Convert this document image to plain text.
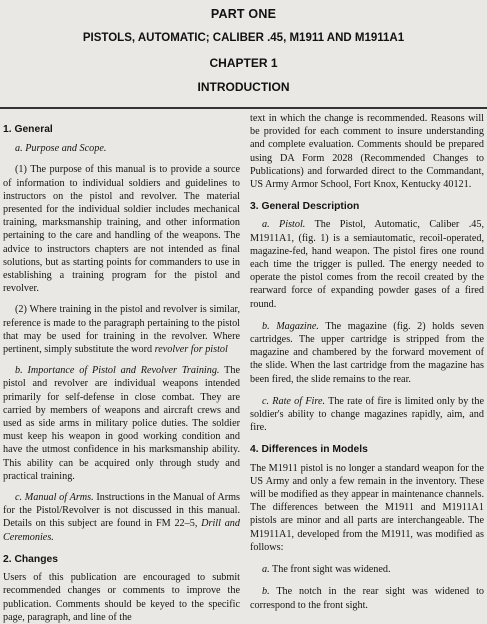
PART ONE
PISTOLS, AUTOMATIC; CALIBER .45, M1911 AND M1911A1
CHAPTER 1
INTRODUCTION
1. General

a. Purpose and Scope.

(1) The purpose of this manual is to provide a source of information to individual soldiers and guidelines to instructors on the pistol and revolver. The material presented for the individual soldier includes mechanical training, marksmanship training, and other information pertaining to the care and handling of the weapons. The advice to instructors chapters are not intended as final solutions, but as starting points for commanders to use in establishing a training program for the pistol and revolver.

(2) Where training in the pistol and revolver is similar, reference is made to the paragraph pertaining to the pistol that may be used for training in the revolver. Where pertinent, simply substitute the word revolver for pistol

b. Importance of Pistol and Revolver Training. The pistol and revolver are individual weapons intended primarily for self-defense in close combat. They are carried by members of weapons and aircraft crews and used as side arms in military police duties. The soldier must keep his weapon in good working condition and have the utmost confidence in his marksmanship ability. This ability can be acquired only through study and practical training.

c. Manual of Arms. Instructions in the Manual of Arms for the Pistol/Revolver is not discussed in this manual. Details on this subject are found in FM 22–5, Drill and Ceremonies.

2. Changes

Users of this publication are encouraged to submit recommended changes or comments to improve the publication. Comments should be keyed to the specific page, paragraph, and line of the

text in which the change is recommended. Reasons will be provided for each comment to insure understanding and complete evaluation. Comments should be prepared using DA Form 2028 (Recommended Changes to Publications) and forwarded direct to the Commandant, US Army Armor School, Fort Knox, Kentucky 40121.

3. General Description

a. Pistol. The Pistol, Automatic, Caliber .45, M1911A1, (fig. 1) is a semiautomatic, recoil-operated, magazine-fed, hand weapon. The pistol fires one round each time the trigger is pulled. The energy needed to operate the pistol comes from the recoil created by the rearward force of expanding powder gases of a fired round.

b. Magazine. The magazine (fig. 2) holds seven cartridges. The upper cartridge is stripped from the magazine and chambered by the forward movement of the slide. When the last cartridge from the magazine has been fired, the slide remains to the rear.

c. Rate of Fire. The rate of fire is limited only by the soldier's ability to change magazines rapidly, aim, and fire.

4. Differences in Models

The M1911 pistol is no longer a standard weapon for the US Army and only a few remain in the inventory. These will be modified as they appear in maintenance channels. The differences between the M1911 and M1911A1 pistols are minor and all parts are interchangeable. The M1911A1, developed from the M1911, was modified as follows:

a. The front sight was widened.

b. The notch in the rear sight was widened to correspond to the front sight.
